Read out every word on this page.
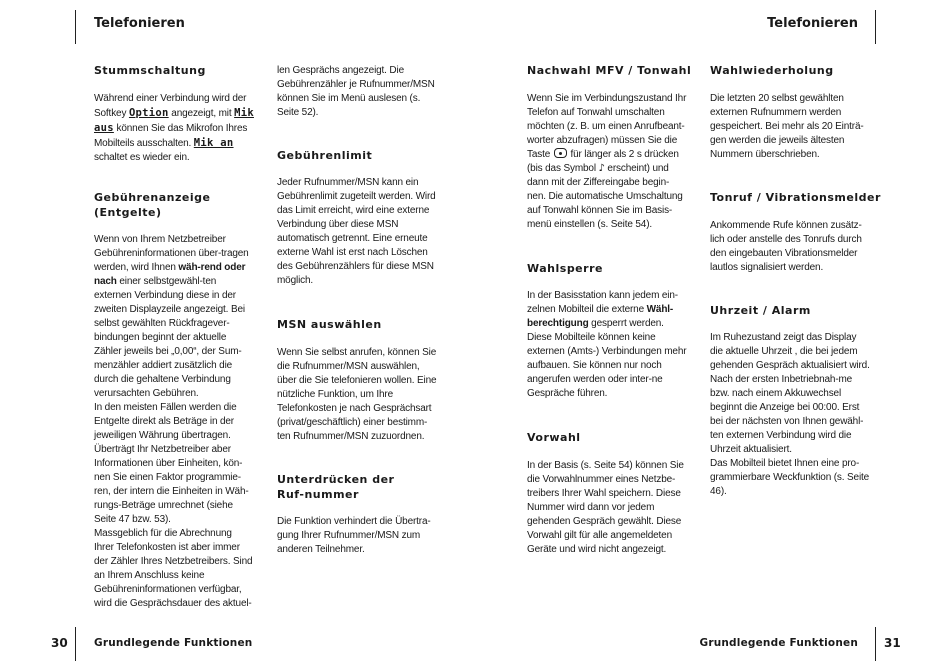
Telefonieren	Telefonieren
30	Grundlegende Funktionen	Grundlegende Funktionen 31
Stummschaltung

Während einer Verbindung wird der Softkey Option angezeigt, mit Mik aus können Sie das Mikrofon Ihres Mobilteils ausschalten. Mik an schaltet es wieder ein.

Gebührenanzeige (Entgelte)

Wenn von Ihrem Netzbetreiber Gebühreninformationen über-tragen werden, wird Ihnen wäh-rend oder nach einer selbstgewähl-ten externen Verbindung diese in der zweiten Displayzeile angezeigt. Bei selbst gewählten Rückfragever-bindungen beginnt der aktuelle Zähler jeweils bei „0,00“, der Sum-menzähler addiert zusätzlich die durch die gehaltene Verbindung verursachten Gebühren.
In den meisten Fällen werden die Entgelte direkt als Beträge in der jeweiligen Währung übertragen. Überträgt Ihr Netzbetreiber aber Informationen über Einheiten, kön-nen Sie einen Faktor programmie-ren, der intern die Einheiten in Wäh-rungs-Beträge umrechnet (siehe Seite 47 bzw. 53).
Massgeblich für die Abrechnung Ihrer Telefonkosten ist aber immer der Zähler Ihres Netzbetreibers. Sind an Ihrem Anschluss keine Gebühreninformationen verfügbar, wird die Gesprächsdauer des aktuel-

len Gesprächs angezeigt. Die Gebührenzähler je Rufnummer/MSN können Sie im Menü auslesen (s. Seite 52).

Gebührenlimit

Jeder Rufnummer/MSN kann ein Gebührenlimit zugeteilt werden. Wird das Limit erreicht, wird eine externe Verbindung über diese MSN automatisch getrennt. Eine erneute externe Wahl ist erst nach Löschen des Gebührenzählers für diese MSN möglich.

MSN auswählen

Wenn Sie selbst anrufen, können Sie die Rufnummer/MSN auswählen, über die Sie telefonieren wollen. Eine nützliche Funktion, um Ihre Telefonkosten je nach Gesprächsart (privat/geschäftlich) einer bestimm-ten Rufnummer/MSN zuzuordnen.

Unterdrücken der Ruf-nummer

Die Funktion verhindert die Übertra-gung Ihrer Rufnummer/MSN zum anderen Teilnehmer.

Nachwahl MFV / Tonwahl

Wenn Sie im Verbindungszustand Ihr Telefon auf Tonwahl umschalten möchten (z. B. um einen Anrufbeant-worter abzufragen) müssen Sie die Taste für länger als 2 s drücken (bis das Symbol ♪ erscheint) und dann mit der Ziffereingabe begin-nen. Die automatische Umschaltung auf Tonwahl können Sie im Basis-menü einstellen (s. Seite 54).

Wahlsperre

In der Basisstation kann jedem ein-zelnen Mobilteil die externe Wähl-berechtigung gesperrt werden. Diese Mobilteile können keine externen (Amts-) Verbindungen mehr aufbauen. Sie können nur noch angerufen werden oder inter-ne Gespräche führen.

Vorwahl

In der Basis (s. Seite 54) können Sie die Vorwahlnummer eines Netzbe-treibers Ihrer Wahl speichern. Diese Nummer wird dann vor jedem gehenden Gespräch gewählt. Diese Vorwahl gilt für alle angemeldeten Geräte und wird nicht angezeigt.

Wahlwiederholung

Die letzten 20 selbst gewählten externen Rufnummern werden gespeichert. Bei mehr als 20 Einträ-gen werden die jeweils ältesten Nummern überschrieben.

Tonruf / Vibrationsmelder

Ankommende Rufe können zusätz-lich oder anstelle des Tonrufs durch den eingebauten Vibrationsmelder lautlos signalisiert werden.

Uhrzeit / Alarm

Im Ruhezustand zeigt das Display die aktuelle Uhrzeit , die bei jedem gehenden Gespräch aktualisiert wird. Nach der ersten Inbetriebnah-me bzw. nach einem Akkuwechsel beginnt die Anzeige bei 00:00. Erst bei der nächsten von Ihnen gewähl-ten externen Verbindung wird die Uhrzeit aktualisiert.
Das Mobilteil bietet Ihnen eine pro-grammierbare Weckfunktion (s. Seite 46).
